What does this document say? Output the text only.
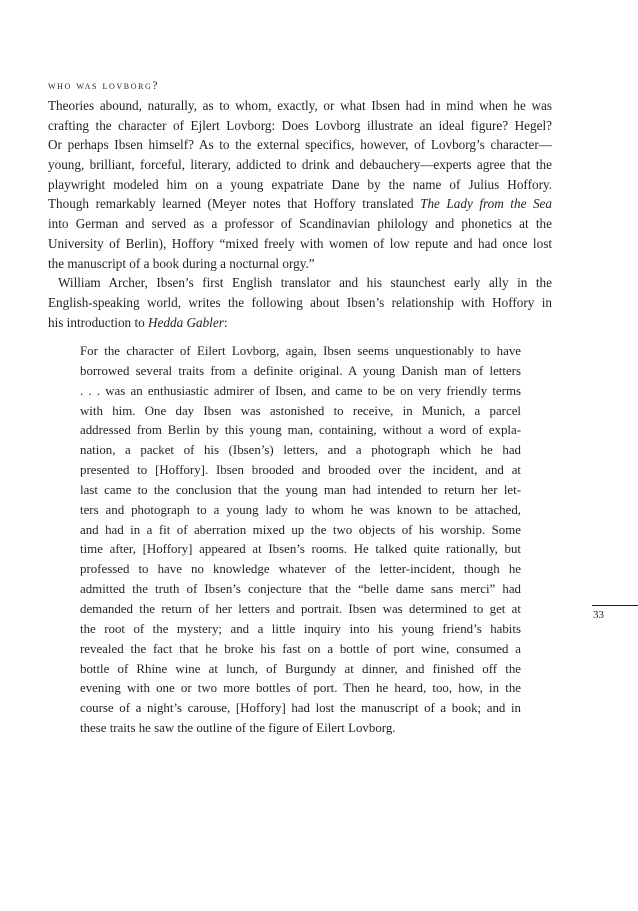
who was lovborg?
Theories abound, naturally, as to whom, exactly, or what Ibsen had in mind when he was
crafting the character of Ejlert Lovborg: Does Lovborg illustrate an ideal figure? Hegel?
Or perhaps Ibsen himself? As to the external specifics, however, of Lovborg’s character—
young, brilliant, forceful, literary, addicted to drink and debauchery—experts agree that the
playwright modeled him on a young expatriate Dane by the name of Julius Hoffory.
Though remarkably learned (Meyer notes that Hoffory translated The Lady from the Sea
into German and served as a professor of Scandinavian philology and phonetics at the
University of Berlin), Hoffory “mixed freely with women of low repute and had once lost
the manuscript of a book during a nocturnal orgy.”
William Archer, Ibsen’s first English translator and his staunchest early ally in the
English-speaking world, writes the following about Ibsen’s relationship with Hoffory in
his introduction to Hedda Gabler:
For the character of Eilert Lovborg, again, Ibsen seems unquestionably to have
borrowed several traits from a definite original. A young Danish man of letters
. . . was an enthusiastic admirer of Ibsen, and came to be on very friendly terms
with him. One day Ibsen was astonished to receive, in Munich, a parcel
addressed from Berlin by this young man, containing, without a word of expla-
nation, a packet of his (Ibsen’s) letters, and a photograph which he had
presented to [Hoffory]. Ibsen brooded and brooded over the incident, and at
last came to the conclusion that the young man had intended to return her let-
ters and photograph to a young lady to whom he was known to be attached,
and had in a fit of aberration mixed up the two objects of his worship. Some
time after, [Hoffory] appeared at Ibsen’s rooms. He talked quite rationally, but
professed to have no knowledge whatever of the letter-incident, though he
admitted the truth of Ibsen’s conjecture that the “belle dame sans merci” had
demanded the return of her letters and portrait. Ibsen was determined to get at
the root of the mystery; and a little inquiry into his young friend’s habits
revealed the fact that he broke his fast on a bottle of port wine, consumed a
bottle of Rhine wine at lunch, of Burgundy at dinner, and finished off the
evening with one or two more bottles of port. Then he heard, too, how, in the
course of a night’s carouse, [Hoffory] had lost the manuscript of a book; and in
these traits he saw the outline of the figure of Eilert Lovborg.
33
